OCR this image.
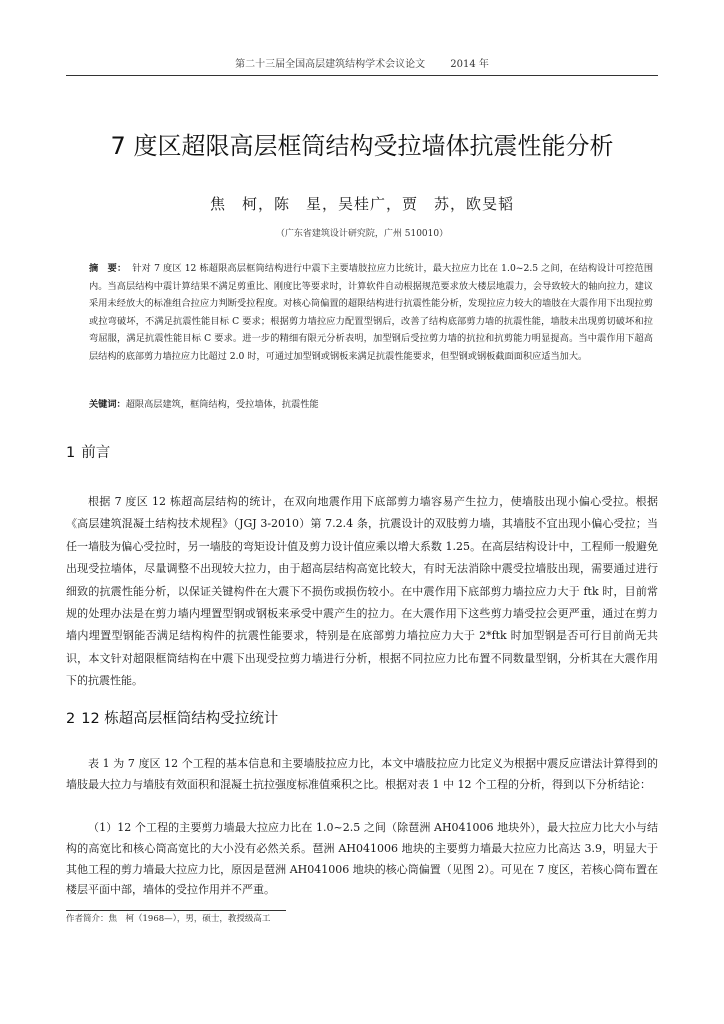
第二十三届全国高层建筑结构学术会议论文	2014 年
7 度区超限高层框筒结构受拉墙体抗震性能分析
焦　柯，陈　星，吴桂广，贾　苏，欧旻韬
（广东省建筑设计研究院，广州 510010）
摘　要： 针对 7 度区 12 栋超限高层框筒结构进行中震下主要墙肢拉应力比统计，最大拉应力比在 1.0~2.5 之间，在结构设计可控范围内。当高层结构中震计算结果不满足剪重比、刚度比等要求时，计算软件自动根据规范要求放大楼层地震力，会导致较大的轴向拉力，建议采用未经放大的标准组合拉应力判断受拉程度。对核心筒偏置的超限结构进行抗震性能分析，发现拉应力较大的墙肢在大震作用下出现拉剪或拉弯破坏，不满足抗震性能目标 C 要求；根据剪力墙拉应力配置型钢后，改善了结构底部剪力墙的抗震性能，墙肢未出现剪切破坏和拉弯屈服，满足抗震性能目标 C 要求。进一步的精细有限元分析表明，加型钢后受拉剪力墙的抗拉和抗剪能力明显提高。当中震作用下超高层结构的底部剪力墙拉应力比超过 2.0 时，可通过加型钢或钢板来满足抗震性能要求，但型钢或钢板截面面积应适当加大。
关键词：超限高层建筑，框筒结构，受拉墙体，抗震性能
1 前言
根据 7 度区 12 栋超高层结构的统计，在双向地震作用下底部剪力墙容易产生拉力，使墙肢出现小偏心受拉。根据《高层建筑混凝土结构技术规程》（JGJ 3-2010）第 7.2.4 条，抗震设计的双肢剪力墙，其墙肢不宜出现小偏心受拉；当任一墙肢为偏心受拉时，另一墙肢的弯矩设计值及剪力设计值应乘以增大系数 1.25。在高层结构设计中，工程师一般避免出现受拉墙体，尽量调整不出现较大拉力，由于超高层结构高宽比较大，有时无法消除中震受拉墙肢出现，需要通过进行细致的抗震性能分析，以保证关键构件在大震下不损伤或损伤较小。在中震作用下底部剪力墙拉应力大于 ftk 时，目前常规的处理办法是在剪力墙内埋置型钢或钢板来承受中震产生的拉力。在大震作用下这些剪力墙受拉会更严重，通过在剪力墙内埋置型钢能否满足结构构件的抗震性能要求，特别是在底部剪力墙拉应力大于 2*ftk 时加型钢是否可行目前尚无共识，本文针对超限框筒结构在中震下出现受拉剪力墙进行分析，根据不同拉应力比布置不同数量型钢，分析其在大震作用下的抗震性能。
2 12 栋超高层框筒结构受拉统计
表 1 为 7 度区 12 个工程的基本信息和主要墙肢拉应力比，本文中墙肢拉应力比定义为根据中震反应谱法计算得到的墙肢最大拉力与墙肢有效面积和混凝土抗拉强度标准值乘积之比。根据对表 1 中 12 个工程的分析，得到以下分析结论：
（1）12 个工程的主要剪力墙最大拉应力比在 1.0~2.5 之间（除琶洲 AH041006 地块外），最大拉应力比大小与结构的高宽比和核心筒高宽比的大小没有必然关系。琶洲 AH041006 地块的主要剪力墙最大拉应力比高达 3.9，明显大于其他工程的剪力墙最大拉应力比，原因是琶洲 AH041006 地块的核心筒偏置（见图 2）。可见在 7 度区，若核心筒布置在楼层平面中部，墙体的受拉作用并不严重。
作者简介：焦　柯（1968—），男，硕士，教授级高工
